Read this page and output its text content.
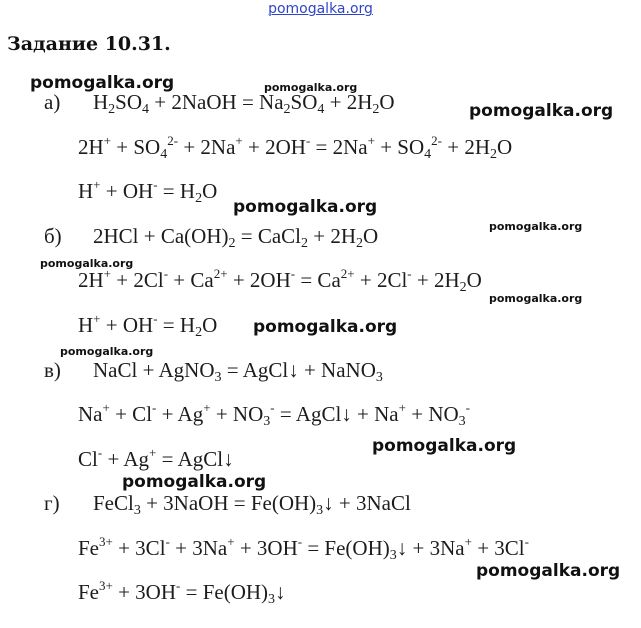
pomogalka.org
Задание 10.31.
а) $H_2SO_4$ + 2NaOH = $Na_2SO_4 + 2H_2O$
$2H^+ + SO_4^{2-} + 2Na^+ + 2OH^- = 2Na^+ + SO_4^{2-} + 2H_2O$
$H^+ + OH^- = H_2O$
б) $2HCl + Ca(OH)_2$ = CaCl$_2$ + $2H_2O$
$2H^+ + 2Cl^- + Ca^{2+} + 2OH^- = Ca^{2+} + 2Cl^- + 2H_2O$
$H^+ + OH^- = H_2O$
в) NaCl + AgNO$_3$ = AgCl↓ + NaNO$_3$
$Na^+ + Cl^- + Ag^+ + NO_3^-$ = AgCl↓ + $Na^+ + NO_3^-$
Cl- + Ag+ = AgCl↓
г) FeCl$_3$ + 3NaOH = $Fe(OH)_3↓$ + 3NaCl
$Fe^{3+} + 3Cl^- + 3Na^+ + 3OH^-$ = $Fe(OH)_3↓ + 3Na^+ + 3Cl^-$
$Fe^{3+} + 3OH^-$ = $Fe(OH)_3↓$
pomogalka.org	pomogalka.org
pomogalka.org
pomogalka.org
pomogalka.org
pomogalka.org
pomogalka.org
pomogalka.org
pomogalka.org
pomogalka.org
pomogalka.org
pomogalka.org
